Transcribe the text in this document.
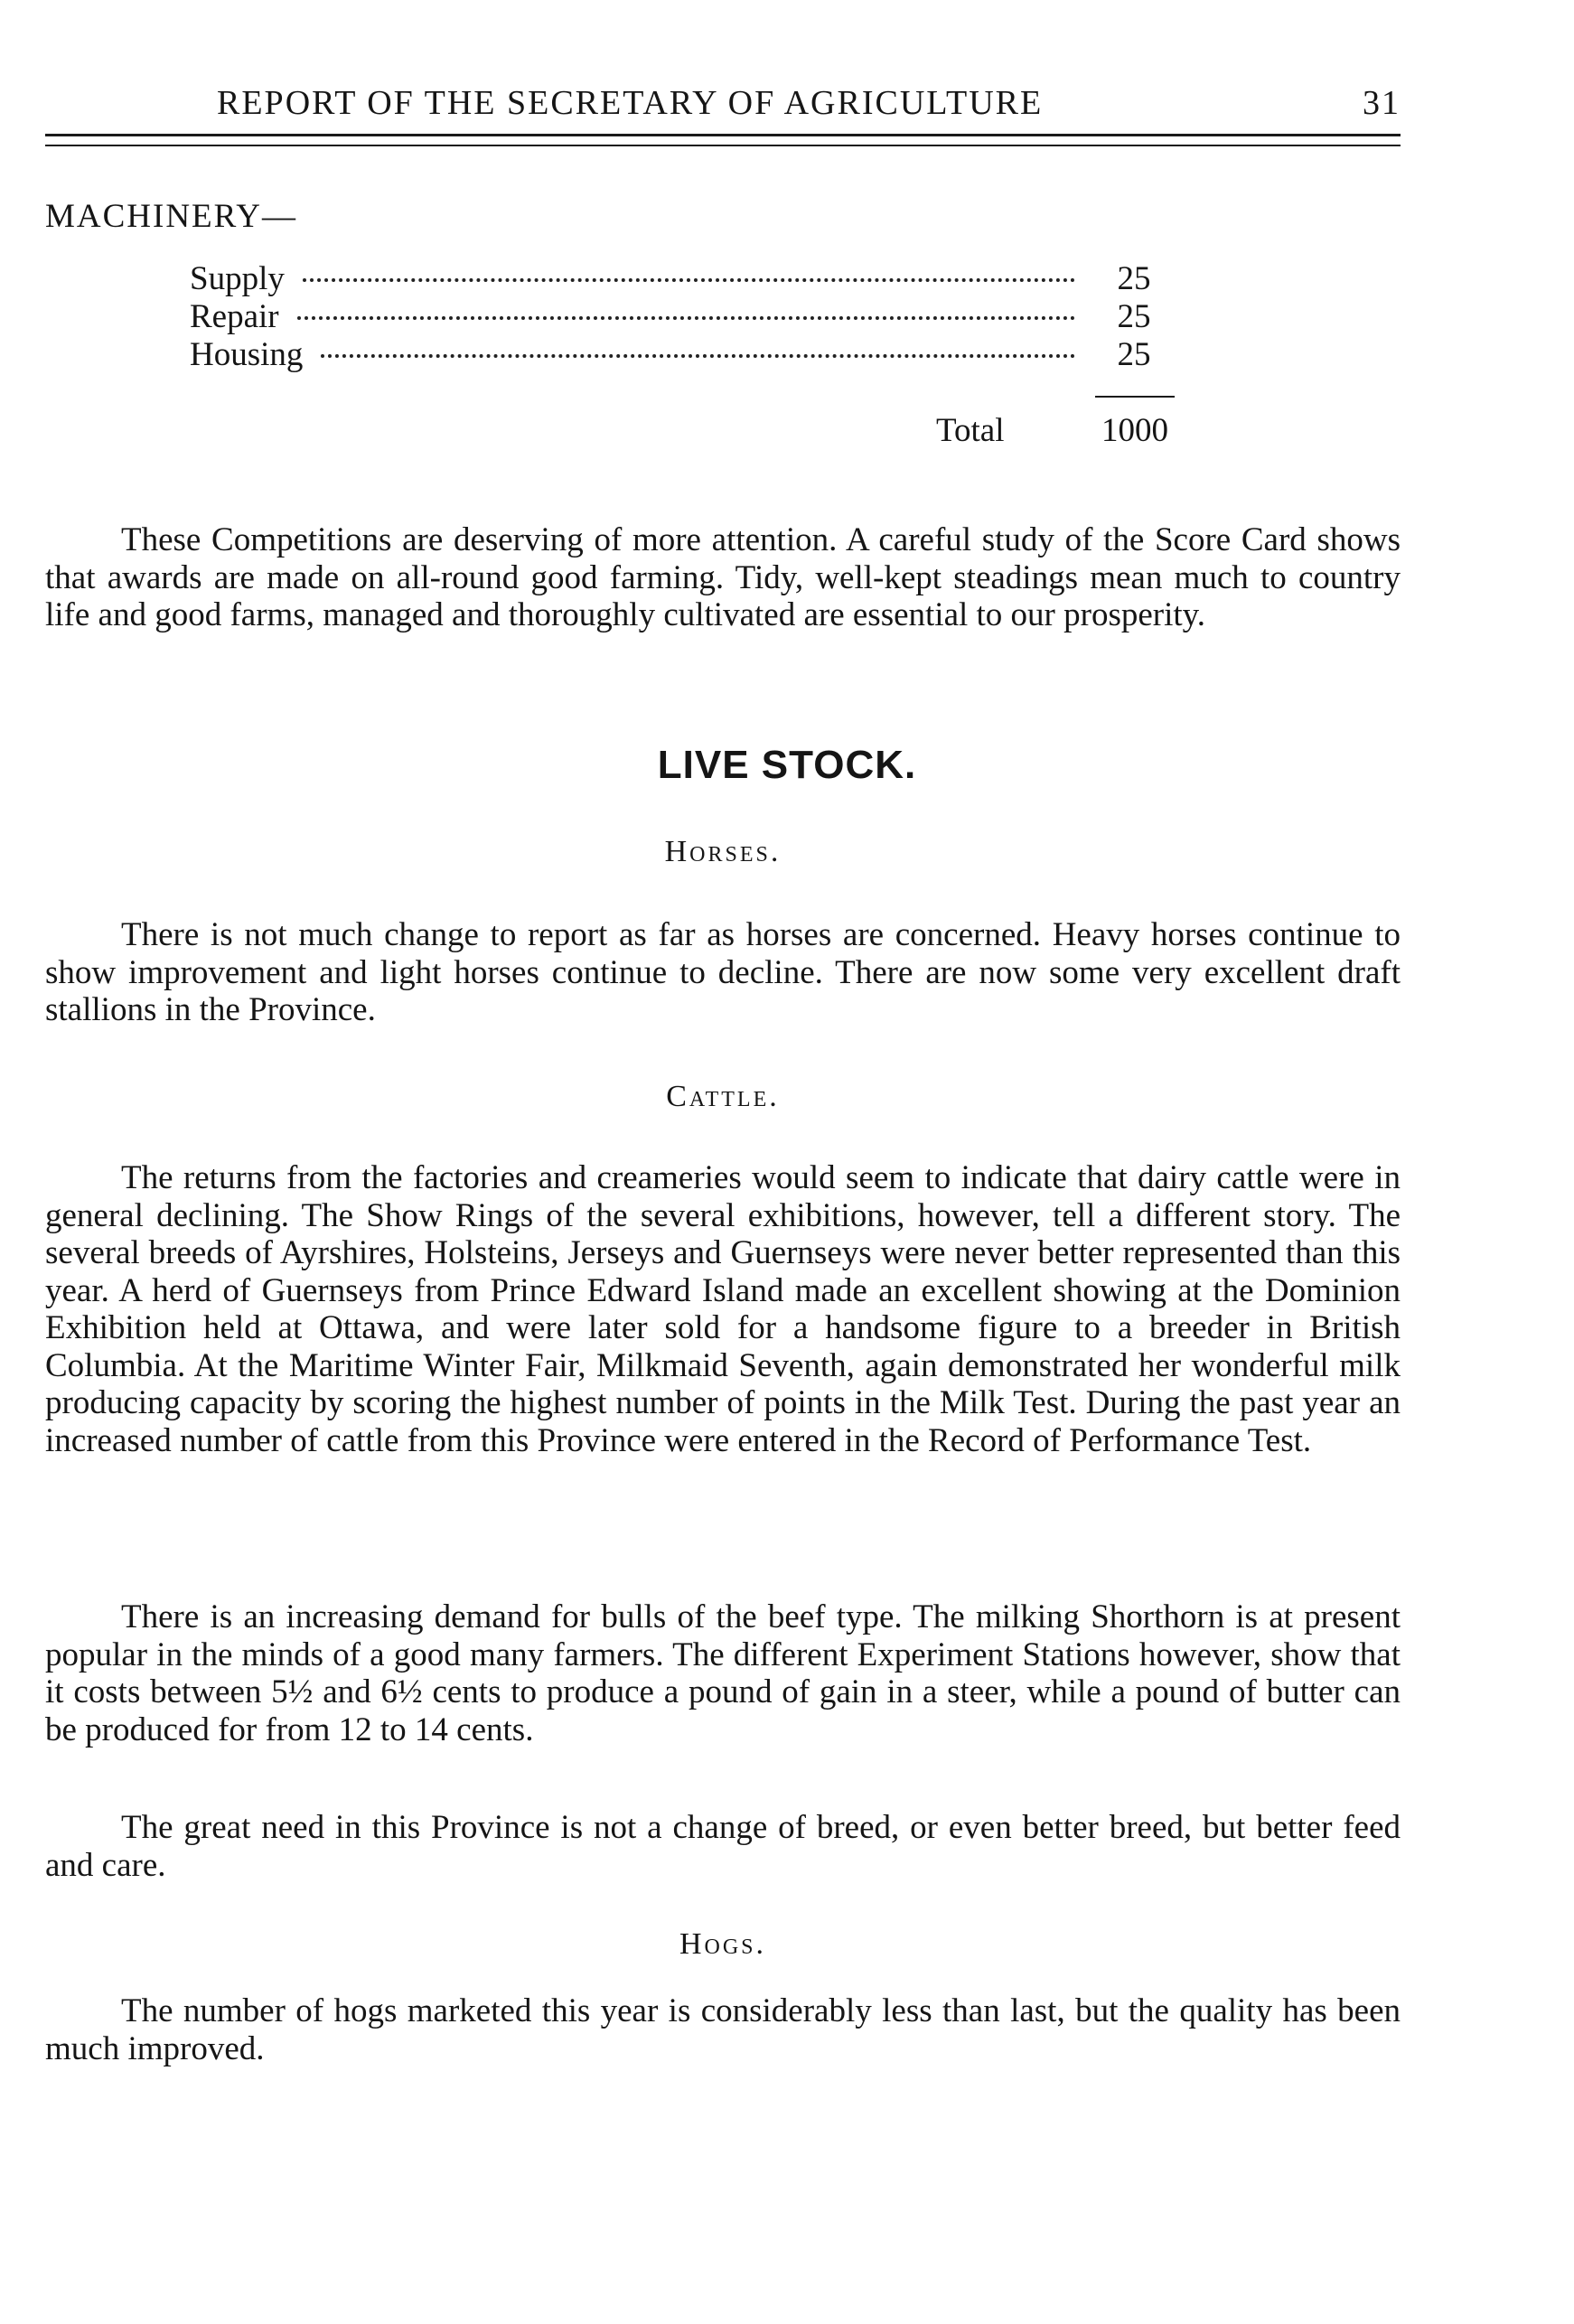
REPORT OF THE SECRETARY OF AGRICULTURE	31
MACHINERY—
Supply	25
Repair	25
Housing	25
Total	1000

These Competitions are deserving of more attention. A careful study of the Score Card shows that awards are made on all-round good farming. Tidy, well-kept steadings mean much to country life and good farms, managed and thoroughly cultivated are essential to our prosperity.

LIVE STOCK.
Horses.

There is not much change to report as far as horses are concerned. Heavy horses continue to show improvement and light horses continue to decline. There are now some very excellent draft stallions in the Province.

Cattle.

The returns from the factories and creameries would seem to indicate that dairy cattle were in general declining. The Show Rings of the several exhibitions, however, tell a different story. The several breeds of Ayrshires, Holsteins, Jerseys and Guernseys were never better represented than this year. A herd of Guernseys from Prince Edward Island made an excellent showing at the Dominion Exhibition held at Ottawa, and were later sold for a handsome figure to a breeder in British Columbia. At the Maritime Winter Fair, Milkmaid Seventh, again demonstrated her wonderful milk producing capacity by scoring the highest number of points in the Milk Test. During the past year an increased number of cattle from this Province were entered in the Record of Performance Test.

There is an increasing demand for bulls of the beef type. The milking Shorthorn is at present popular in the minds of a good many farmers. The different Experiment Stations however, show that it costs between 5½ and 6½ cents to produce a pound of gain in a steer, while a pound of butter can be produced for from 12 to 14 cents.

The great need in this Province is not a change of breed, or even better breed, but better feed and care.

Hogs.

The number of hogs marketed this year is considerably less than last, but the quality has been much improved.
